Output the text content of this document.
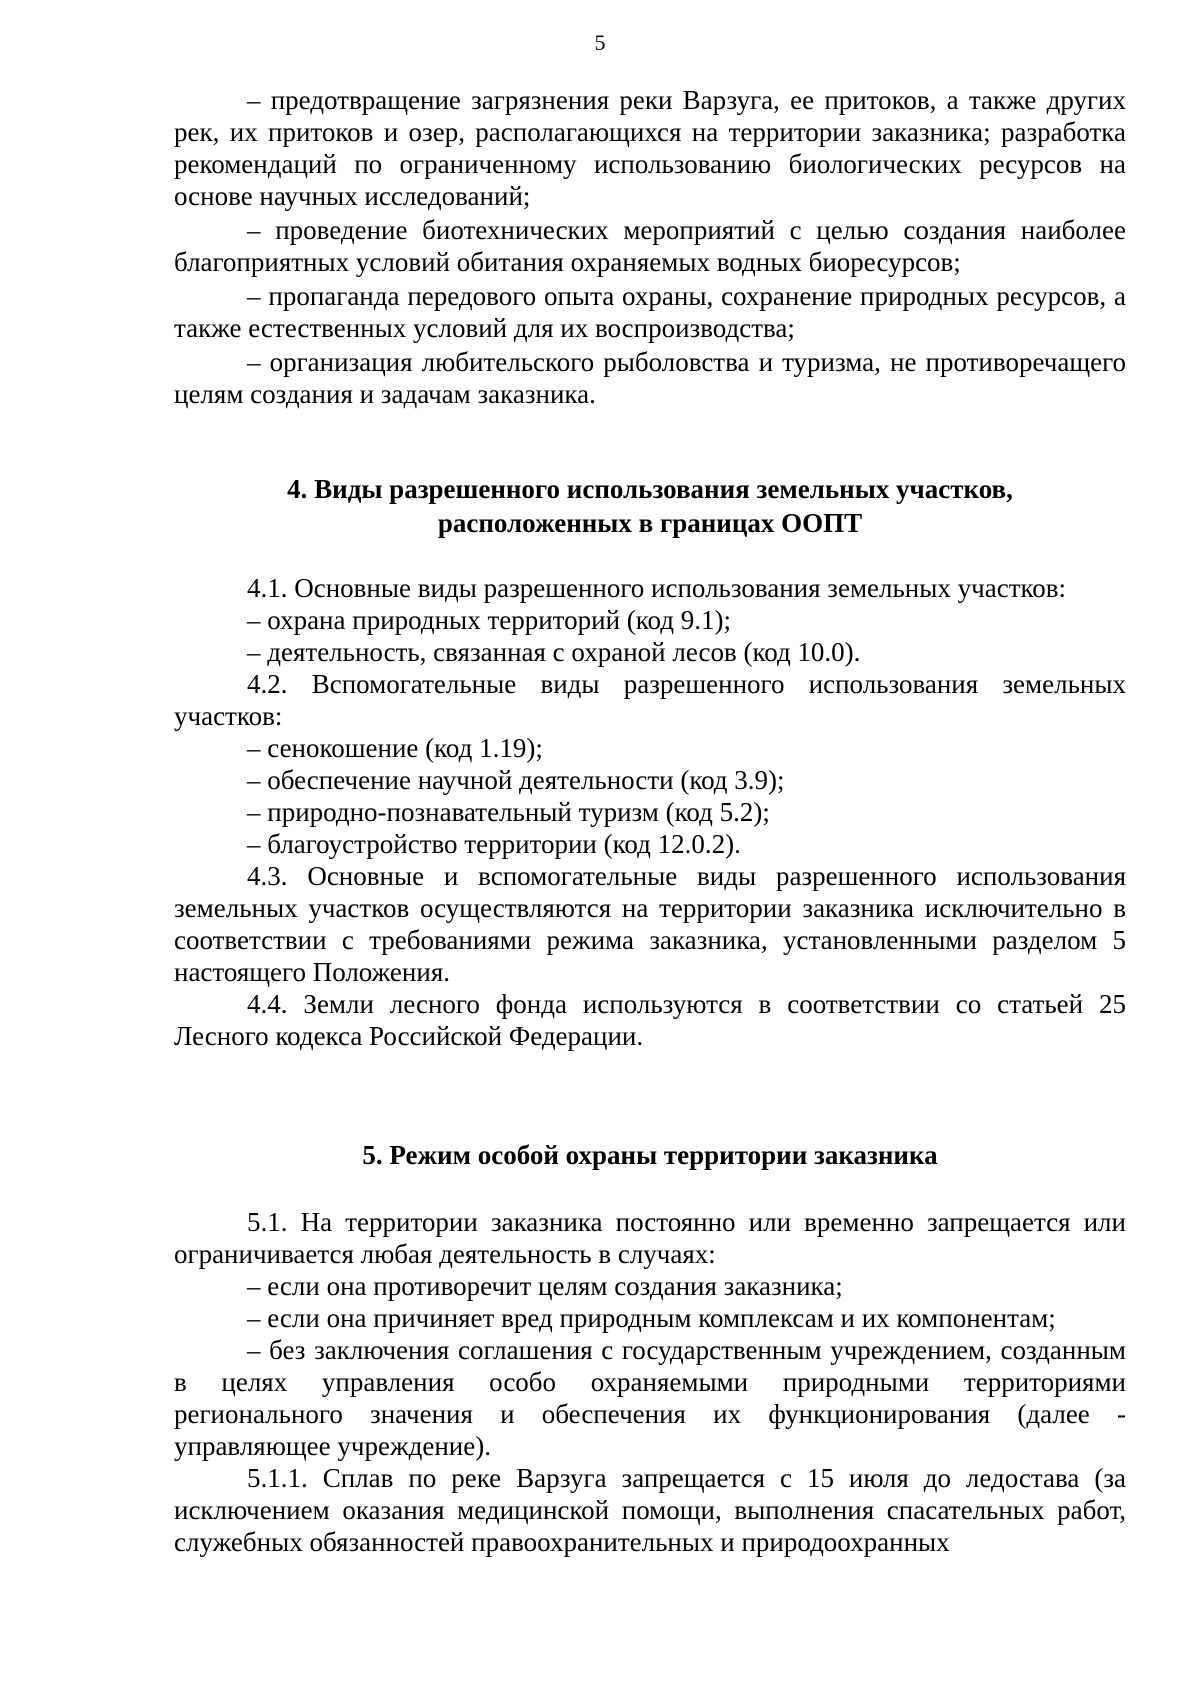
5

– предотвращение загрязнения реки Варзуга, ее притоков, а также других рек, их притоков и озер, располагающихся на территории заказника; разработка рекомендаций по ограниченному использованию биологических ресурсов на основе научных исследований;

– проведение биотехнических мероприятий с целью создания наиболее благоприятных условий обитания охраняемых водных биоресурсов;

– пропаганда передового опыта охраны, сохранение природных ресурсов, а также естественных условий для их воспроизводства;

– организация любительского рыболовства и туризма, не противоречащего целям создания и задачам заказника.

4. Виды разрешенного использования земельных участков,
расположенных в границах ООПТ

4.1. Основные виды разрешенного использования земельных участков:

– охрана природных территорий (код 9.1);

– деятельность, связанная с охраной лесов (код 10.0).

4.2. Вспомогательные виды разрешенного использования земельных участков:

– сенокошение (код 1.19);

– обеспечение научной деятельности (код 3.9);

– природно-познавательный туризм (код 5.2);

– благоустройство территории (код 12.0.2).

4.3. Основные и вспомогательные виды разрешенного использования земельных участков осуществляются на территории заказника исключительно в соответствии с требованиями режима заказника, установленными разделом 5 настоящего Положения.

4.4. Земли лесного фонда используются в соответствии со статьей 25 Лесного кодекса Российской Федерации.

5. Режим особой охраны территории заказника

5.1. На территории заказника постоянно или временно запрещается или ограничивается любая деятельность в случаях:

– если она противоречит целям создания заказника;

– если она причиняет вред природным комплексам и их компонентам;

– без заключения соглашения с государственным учреждением, созданным в целях управления особо охраняемыми природными территориями регионального значения и обеспечения их функционирования (далее - управляющее учреждение).

5.1.1. Сплав по реке Варзуга запрещается с 15 июля до ледостава (за исключением оказания медицинской помощи, выполнения спасательных работ, служебных обязанностей правоохранительных и природоохранных
